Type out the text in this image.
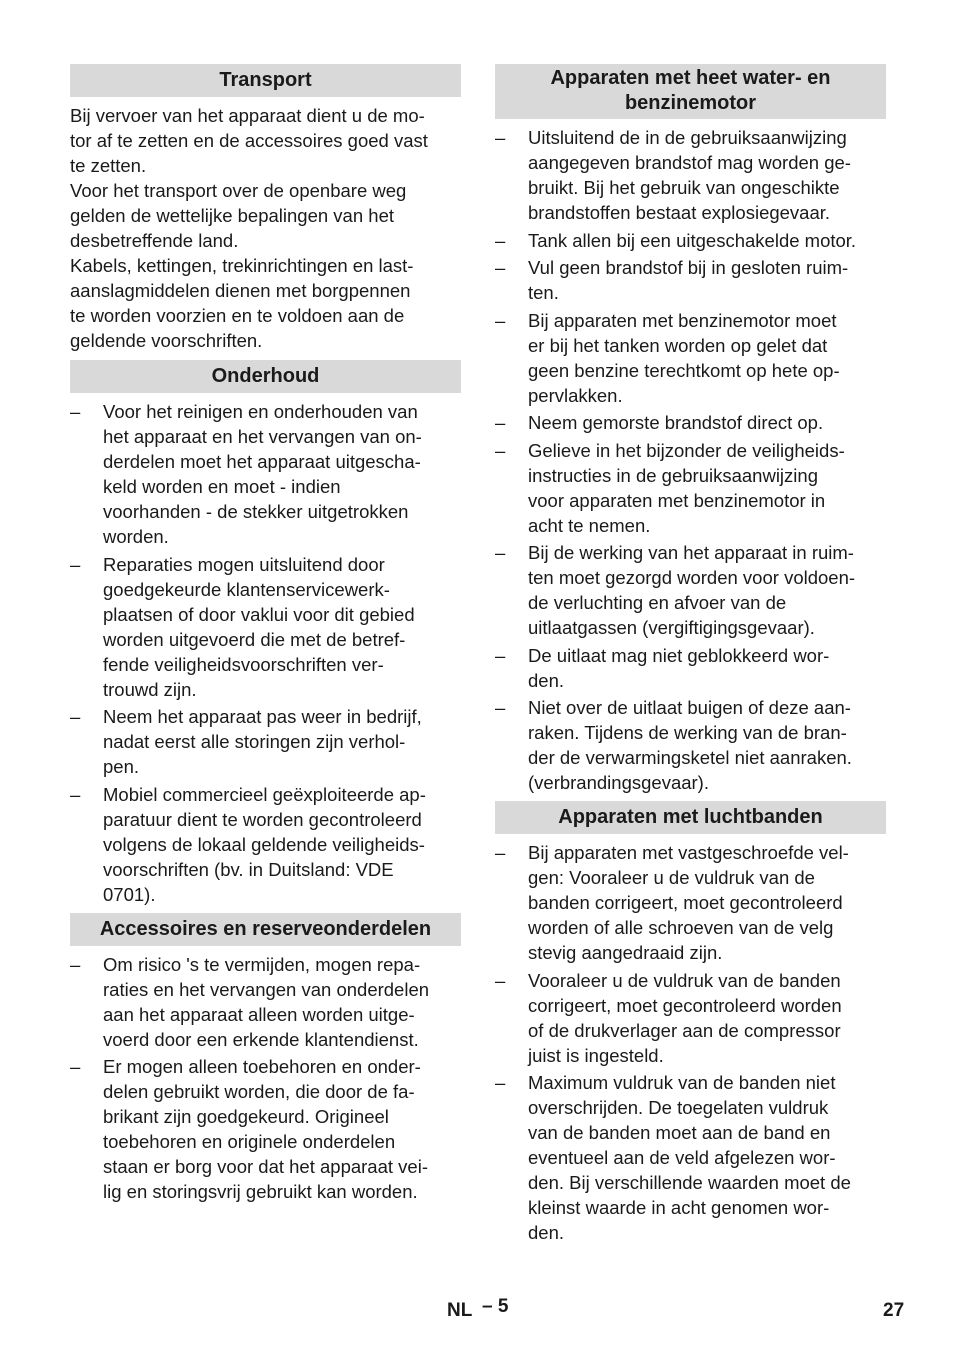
Transport
Bij vervoer van het apparaat dient u de mo-
tor af te zetten en de accessoires goed vast
te zetten.
Voor het transport over de openbare weg
gelden de wettelijke bepalingen van het
desbetreffende land.
Kabels, kettingen, trekinrichtingen en last-
aanslagmiddelen dienen met borgpennen
te worden voorzien en te voldoen aan de
geldende voorschriften.
Onderhoud
– Voor het reinigen en onderhouden van
het apparaat en het vervangen van on-
derdelen moet het apparaat uitgescha-
keld worden en moet - indien
voorhanden - de stekker uitgetrokken
worden.
– Reparaties mogen uitsluitend door
goedgekeurde klantenservicewerk-
plaatsen of door vaklui voor dit gebied
worden uitgevoerd die met de betref-
fende veiligheidsvoorschriften ver-
trouwd zijn.
– Neem het apparaat pas weer in bedrijf,
nadat eerst alle storingen zijn verhol-
pen.
– Mobiel commercieel geëxploiteerde ap-
paratuur dient te worden gecontroleerd
volgens de lokaal geldende veiligheids-
voorschriften (bv. in Duitsland: VDE
0701).
Accessoires en reserveonderdelen
– Om risico 's te vermijden, mogen repa-
raties en het vervangen van onderdelen
aan het apparaat alleen worden uitge-
voerd door een erkende klantendienst.
– Er mogen alleen toebehoren en onder-
delen gebruikt worden, die door de fa-
brikant zijn goedgekeurd. Origineel
toebehoren en originele onderdelen
staan er borg voor dat het apparaat vei-
lig en storingsvrij gebruikt kan worden.
Apparaten met heet water- en
benzinemotor
– Uitsluitend de in de gebruiksaanwijzing
aangegeven brandstof mag worden ge-
bruikt. Bij het gebruik van ongeschikte
brandstoffen bestaat explosiegevaar.
– Tank allen bij een uitgeschakelde motor.
– Vul geen brandstof bij in gesloten ruim-
ten.
– Bij apparaten met benzinemotor moet
er bij het tanken worden op gelet dat
geen benzine terechtkomt op hete op-
pervlakken.
– Neem gemorste brandstof direct op.
– Gelieve in het bijzonder de veiligheids-
instructies in de gebruiksaanwijzing
voor apparaten met benzinemotor in
acht te nemen.
– Bij de werking van het apparaat in ruim-
ten moet gezorgd worden voor voldoen-
de verluchting en afvoer van de
uitlaatgassen (vergiftigingsgevaar).
– De uitlaat mag niet geblokkeerd wor-
den.
– Niet over de uitlaat buigen of deze aan-
raken. Tijdens de werking van de bran-
der de verwarmingsketel niet aanraken.
(verbrandingsgevaar).
Apparaten met luchtbanden
– Bij apparaten met vastgeschroefde vel-
gen: Vooraleer u de vuldruk van de
banden corrigeert, moet gecontroleerd
worden of alle schroeven van de velg
stevig aangedraaid zijn.
– Vooraleer u de vuldruk van de banden
corrigeert, moet gecontroleerd worden
of de drukverlager aan de compressor
juist is ingesteld.
– Maximum vuldruk van de banden niet
overschrijden. De toegelaten vuldruk
van de banden moet aan de band en
eventueel aan de veld afgelezen wor-
den. Bij verschillende waarden moet de
kleinst waarde in acht genomen wor-
den.
NL – 5	27
